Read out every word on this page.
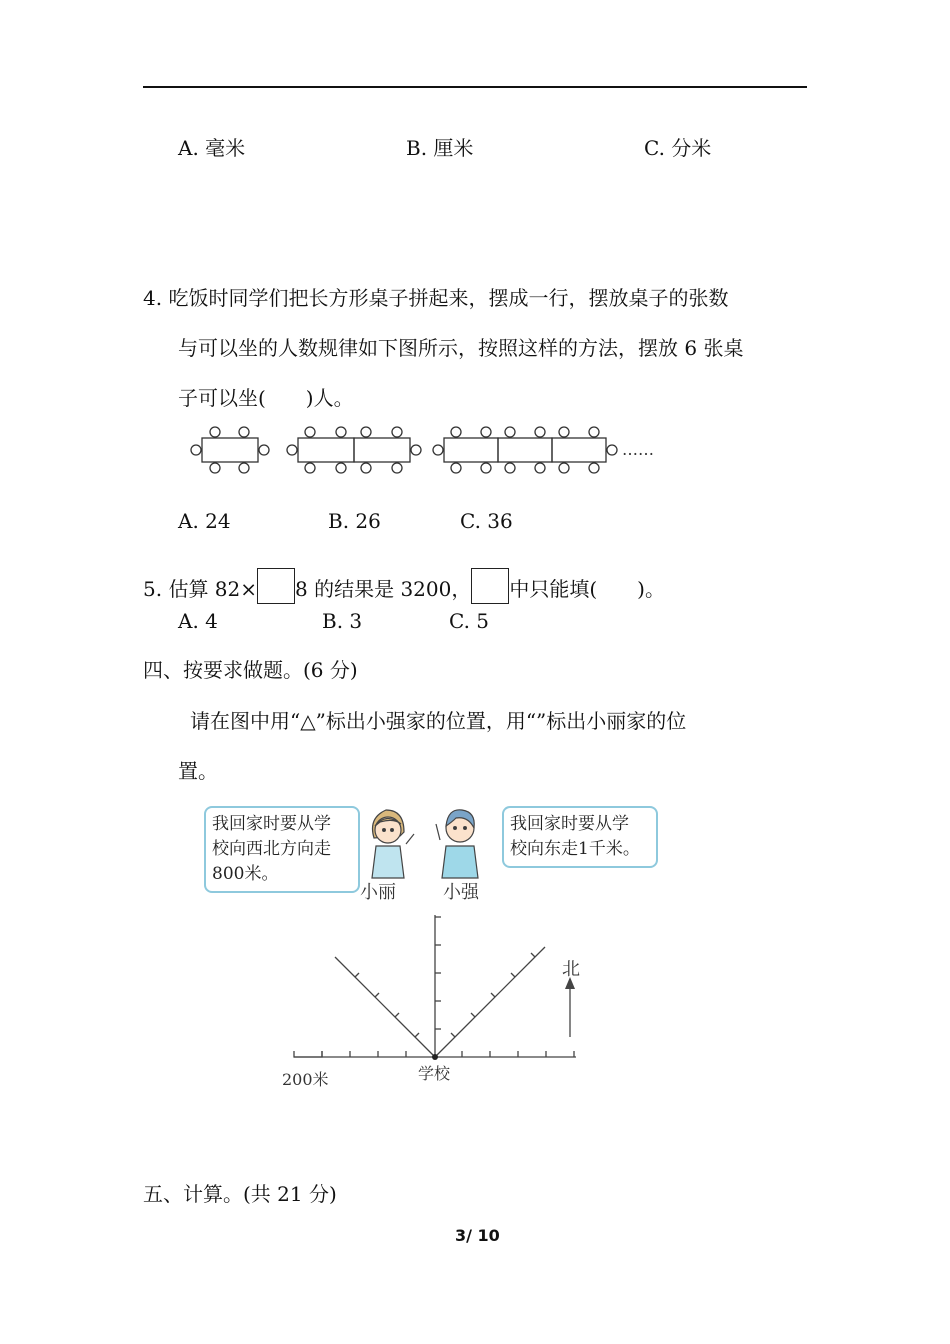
A. 毫米	B. 厘米	C. 分米
4. 吃饭时同学们把长方形桌子拼起来，摆成一行，摆放桌子的张数
与可以坐的人数规律如下图所示，按照这样的方法，摆放 6 张桌
子可以坐(　　)人。
……
A. 24	B. 26	C. 36
5. 估算 82× 8 的结果是 3200， 中只能填(　　)。
A. 4	B. 3	C. 5
四、按要求做题。(6 分)
请在图中用“△”标出小强家的位置，用“”标出小丽家的位
置。
我回家时要从学
校向西北方向走
800米。
我回家时要从学
校向东走1千米。
小丽	小强
北
学校
200米
五、计算。(共 21 分)
3/ 10
